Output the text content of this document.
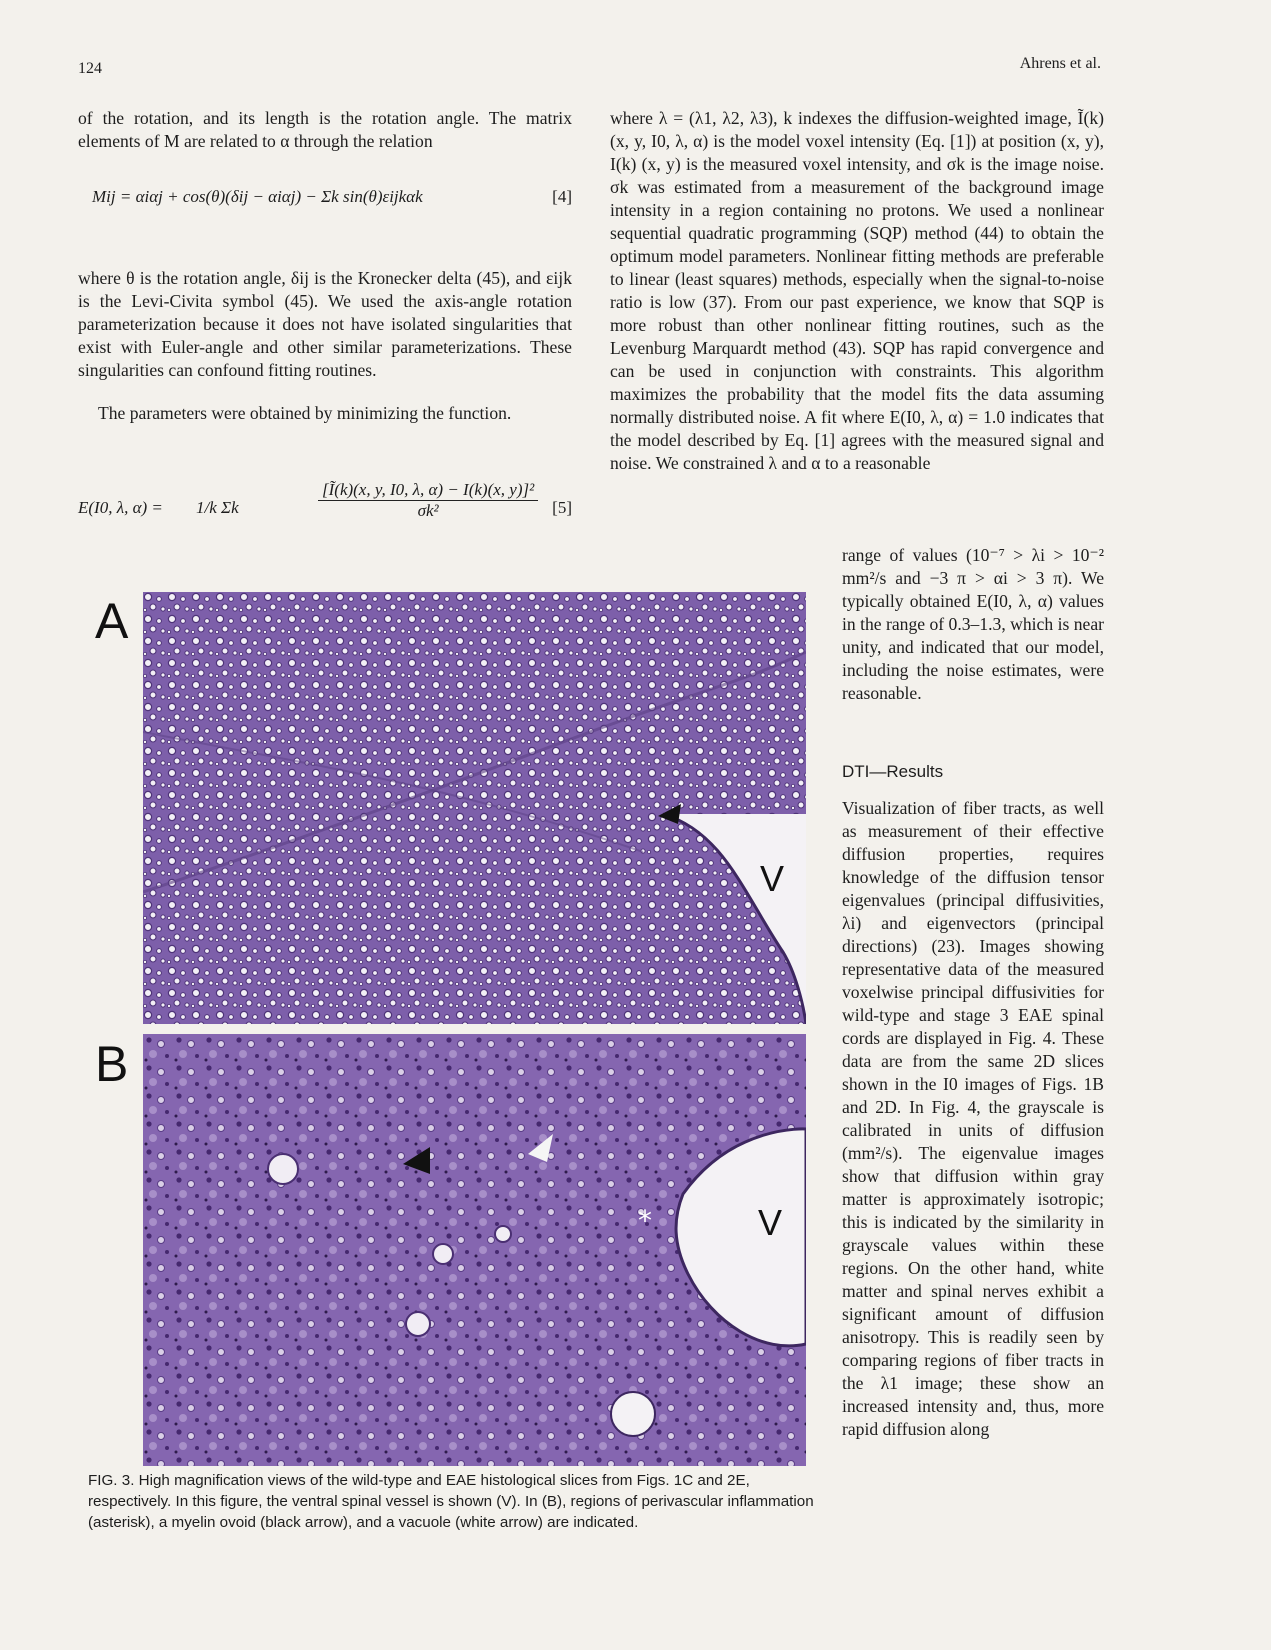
124	Ahrens et al.
of the rotation, and its length is the rotation angle. The matrix elements of M are related to α through the relation
Mij = αiαj + cos(θ)(δij − αiαj) − Σk sin(θ)εijkαk	[4]
where θ is the rotation angle, δij is the Kronecker delta (45), and εijk is the Levi-Civita symbol (45). We used the axis-angle rotation parameterization because it does not have isolated singularities that exist with Euler-angle and other similar parameterizations. These singularities can confound fitting routines.
The parameters were obtained by minimizing the function.
E(I0, λ, α) = 1/k Σk	$\frac{\text{[Ĩ(k)(x, y, I0, λ, α) − I(k)(x, y)]²}}{\text{σk²}} [5]$
where λ = (λ1, λ2, λ3), k indexes the diffusion-weighted image, Ĩ(k) (x, y, I0, λ, α) is the model voxel intensity (Eq. [1]) at position (x, y), I(k) (x, y) is the measured voxel intensity, and σk is the image noise. σk was estimated from a measurement of the background image intensity in a region containing no protons. We used a nonlinear sequential quadratic programming (SQP) method (44) to obtain the optimum model parameters. Nonlinear fitting methods are preferable to linear (least squares) methods, especially when the signal-to-noise ratio is low (37). From our past experience, we know that SQP is more robust than other nonlinear fitting routines, such as the Levenburg Marquardt method (43). SQP has rapid convergence and can be used in conjunction with constraints. This algorithm maximizes the probability that the model fits the data assuming normally distributed noise. A fit where E(I0, λ, α) = 1.0 indicates that the model described by Eq. [1] agrees with the measured signal and noise. We constrained λ and α to a reasonable
range of values (10⁻⁷ > λi > 10⁻² mm²/s and −3 π > αi > 3 π). We typically obtained E(I0, λ, α) values in the range of 0.3–1.3, which is near unity, and indicated that our model, including the noise estimates, were reasonable.
DTI—Results
Visualization of fiber tracts, as well as measurement of their effective diffusion properties, requires knowledge of the diffusion tensor eigenvalues (principal diffusivities, λi) and eigenvectors (principal directions) (23). Images showing representative data of the measured voxelwise principal diffusivities for wild-type and stage 3 EAE spinal cords are displayed in Fig. 4. These data are from the same 2D slices shown in the I0 images of Figs. 1B and 2D. In Fig. 4, the grayscale is calibrated in units of diffusion (mm²/s). The eigenvalue images show that diffusion within gray matter is approximately isotropic; this is indicated by the similarity in grayscale values within these regions. On the other hand, white matter and spinal nerves exhibit a significant amount of diffusion anisotropy. This is readily seen by comparing regions of fiber tracts in the λ1 image; these show an increased intensity and, thus, more rapid diffusion along
A
B
V
*	V
FIG. 3. High magnification views of the wild-type and EAE histological slices from Figs. 1C and 2E, respectively. In this figure, the ventral spinal vessel is shown (V). In (B), regions of perivascular inflammation (asterisk), a myelin ovoid (black arrow), and a vacuole (white arrow) are indicated.
